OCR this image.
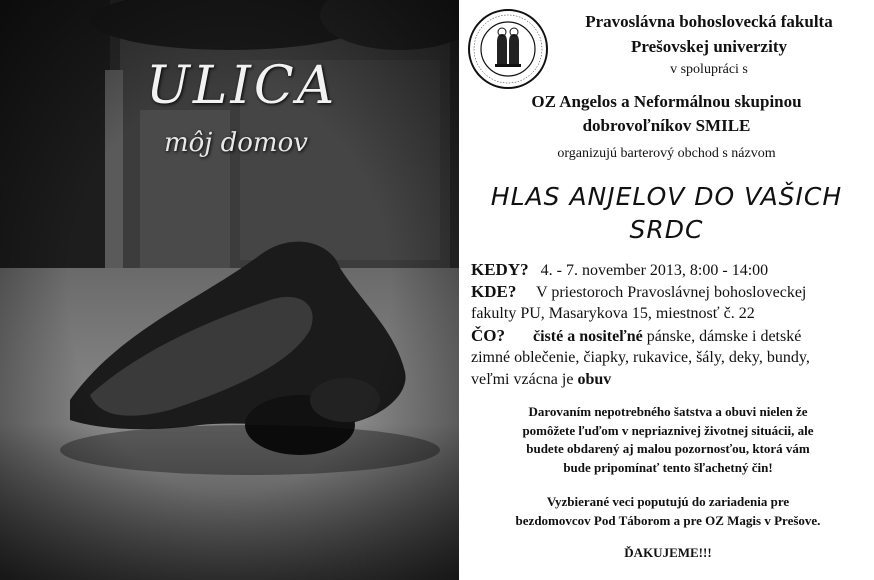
ULICA
môj domov
Pravoslávna bohoslovecká fakulta
Prešovskej univerzity
v spolupráci s
OZ Angelos a Neformálnou skupinou
dobrovoľníkov SMILE
organizujú barterový obchod s názvom
HLAS ANJELOV DO VAŠICH
SRDC
KEDY? 4. - 7. november 2013, 8:00 - 14:00
KDE? V priestoroch Pravoslávnej bohosloveckej
fakulty PU, Masarykova 15, miestnosť č. 22
ČO? čisté a nositeľné pánske, dámske i detské
zimné oblečenie, čiapky, rukavice, šály, deky, bundy,
veľmi vzácna je obuv
Darovaním nepotrebného šatstva a obuvi nielen že
pomôžete ľuďom v nepriaznivej životnej situácii, ale
budete obdarený aj malou pozornosťou, ktorá vám
bude pripomínať tento šľachetný čin!
Vyzbierané veci poputujú do zariadenia pre
bezdomovcov Pod Táborom a pre OZ Magis v Prešove.
ĎAKUJEME!!!
